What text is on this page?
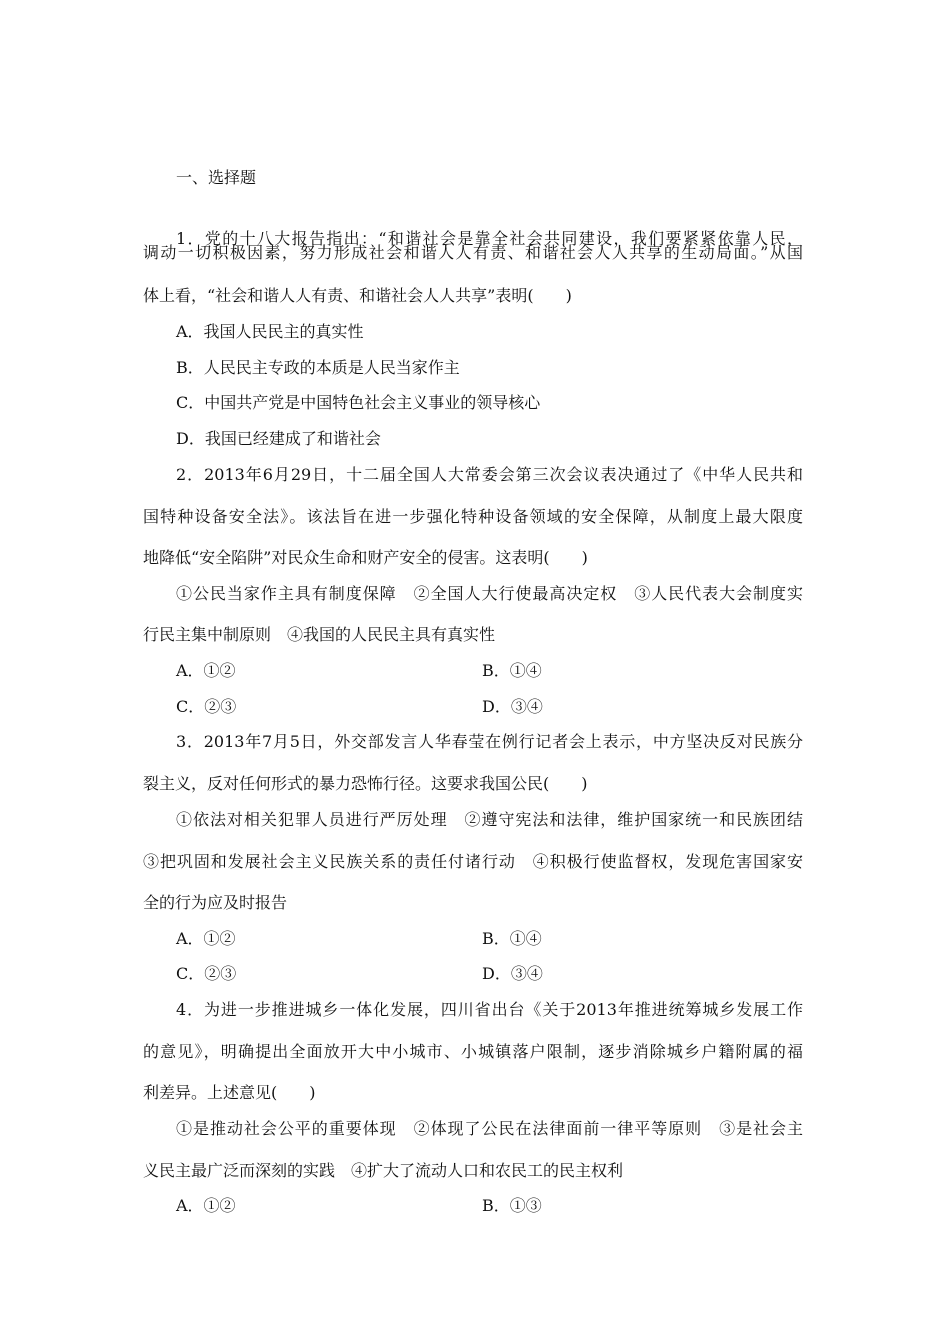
一、选择题
1．党的十八大报告指出：“和谐社会是靠全社会共同建设，我们要紧紧依靠人民，
调动一切积极因素，努力形成社会和谐人人有责、和谐社会人人共享的生动局面。”从国
体上看，“社会和谐人人有责、和谐社会人人共享”表明(　　)
A．我国人民民主的真实性
B．人民民主专政的本质是人民当家作主
C．中国共产党是中国特色社会主义事业的领导核心
D．我国已经建成了和谐社会
2．2013年6月29日，十二届全国人大常委会第三次会议表决通过了《中华人民共和
国特种设备安全法》。该法旨在进一步强化特种设备领域的安全保障，从制度上最大限度
地降低“安全陷阱”对民众生命和财产安全的侵害。这表明(　　)
①公民当家作主具有制度保障　②全国人大行使最高决定权　③人民代表大会制度实
行民主集中制原则　④我国的人民民主具有真实性
A．①②	B．①④
C．②③	D．③④
3．2013年7月5日，外交部发言人华春莹在例行记者会上表示，中方坚决反对民族分
裂主义，反对任何形式的暴力恐怖行径。这要求我国公民(　　)
①依法对相关犯罪人员进行严厉处理　②遵守宪法和法律，维护国家统一和民族团结
③把巩固和发展社会主义民族关系的责任付诸行动　④积极行使监督权，发现危害国家安
全的行为应及时报告
A．①②	B．①④
C．②③	D．③④
4．为进一步推进城乡一体化发展，四川省出台《关于2013年推进统筹城乡发展工作
的意见》，明确提出全面放开大中小城市、小城镇落户限制，逐步消除城乡户籍附属的福
利差异。上述意见(　　)
①是推动社会公平的重要体现　②体现了公民在法律面前一律平等原则　③是社会主
义民主最广泛而深刻的实践　④扩大了流动人口和农民工的民主权利
A．①②	B．①③
